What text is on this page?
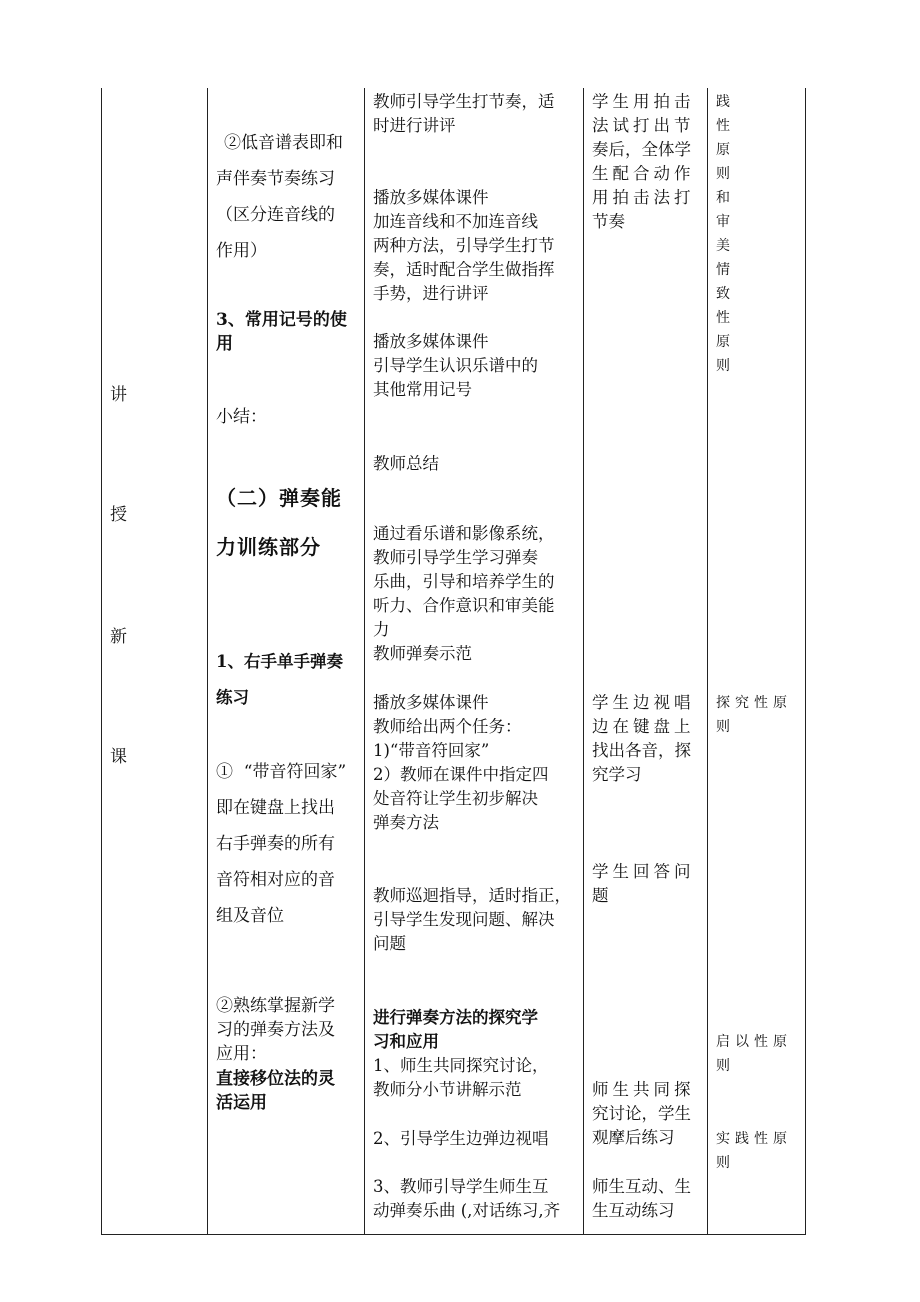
讲
授
新
课
②低音谱表即和
声伴奏节奏练习
（区分连音线的
作用）
3、常用记号的使
用
小结：
（二）弹奏能
力训练部分
1、右手单手弹奏
练习
①  “带音符回家”
即在键盘上找出
右手弹奏的所有
音符相对应的音
组及音位
②熟练掌握新学
习的弹奏方法及
应用：
直接移位法的灵
活运用
教师引导学生打节奏，适
时进行讲评
播放多媒体课件
加连音线和不加连音线
两种方法，引导学生打节
奏，适时配合学生做指挥
手势，进行讲评
播放多媒体课件
引导学生认识乐谱中的
其他常用记号
教师总结
通过看乐谱和影像系统，
教师引导学生学习弹奏
乐曲，引导和培养学生的
听力、合作意识和审美能
力
教师弹奏示范
播放多媒体课件
教师给出两个任务：
1)“带音符回家”
2）教师在课件中指定四
处音符让学生初步解决
弹奏方法
教师巡迴指导，适时指正，
引导学生发现问题、解决
问题
进行弹奏方法的探究学
习和应用
1、师生共同探究讨论，
教师分小节讲解示范
2、引导学生边弹边视唱
3、教师引导学生师生互
动弹奏乐曲 (,对话练习,齐
学生用拍击
法试打出节
奏后，全体学
生配合动作
用拍击法打
节奏
学生边视唱
边在键盘上
找出各音，探
究学习
学生回答问
题
师生共同探
究讨论，学生
观摩后练习
师生互动、生
生互动练习
践
性
原
则
和
审
美
情
致
性
原
则
探究性原
则
启以性原
则
实践性原
则
